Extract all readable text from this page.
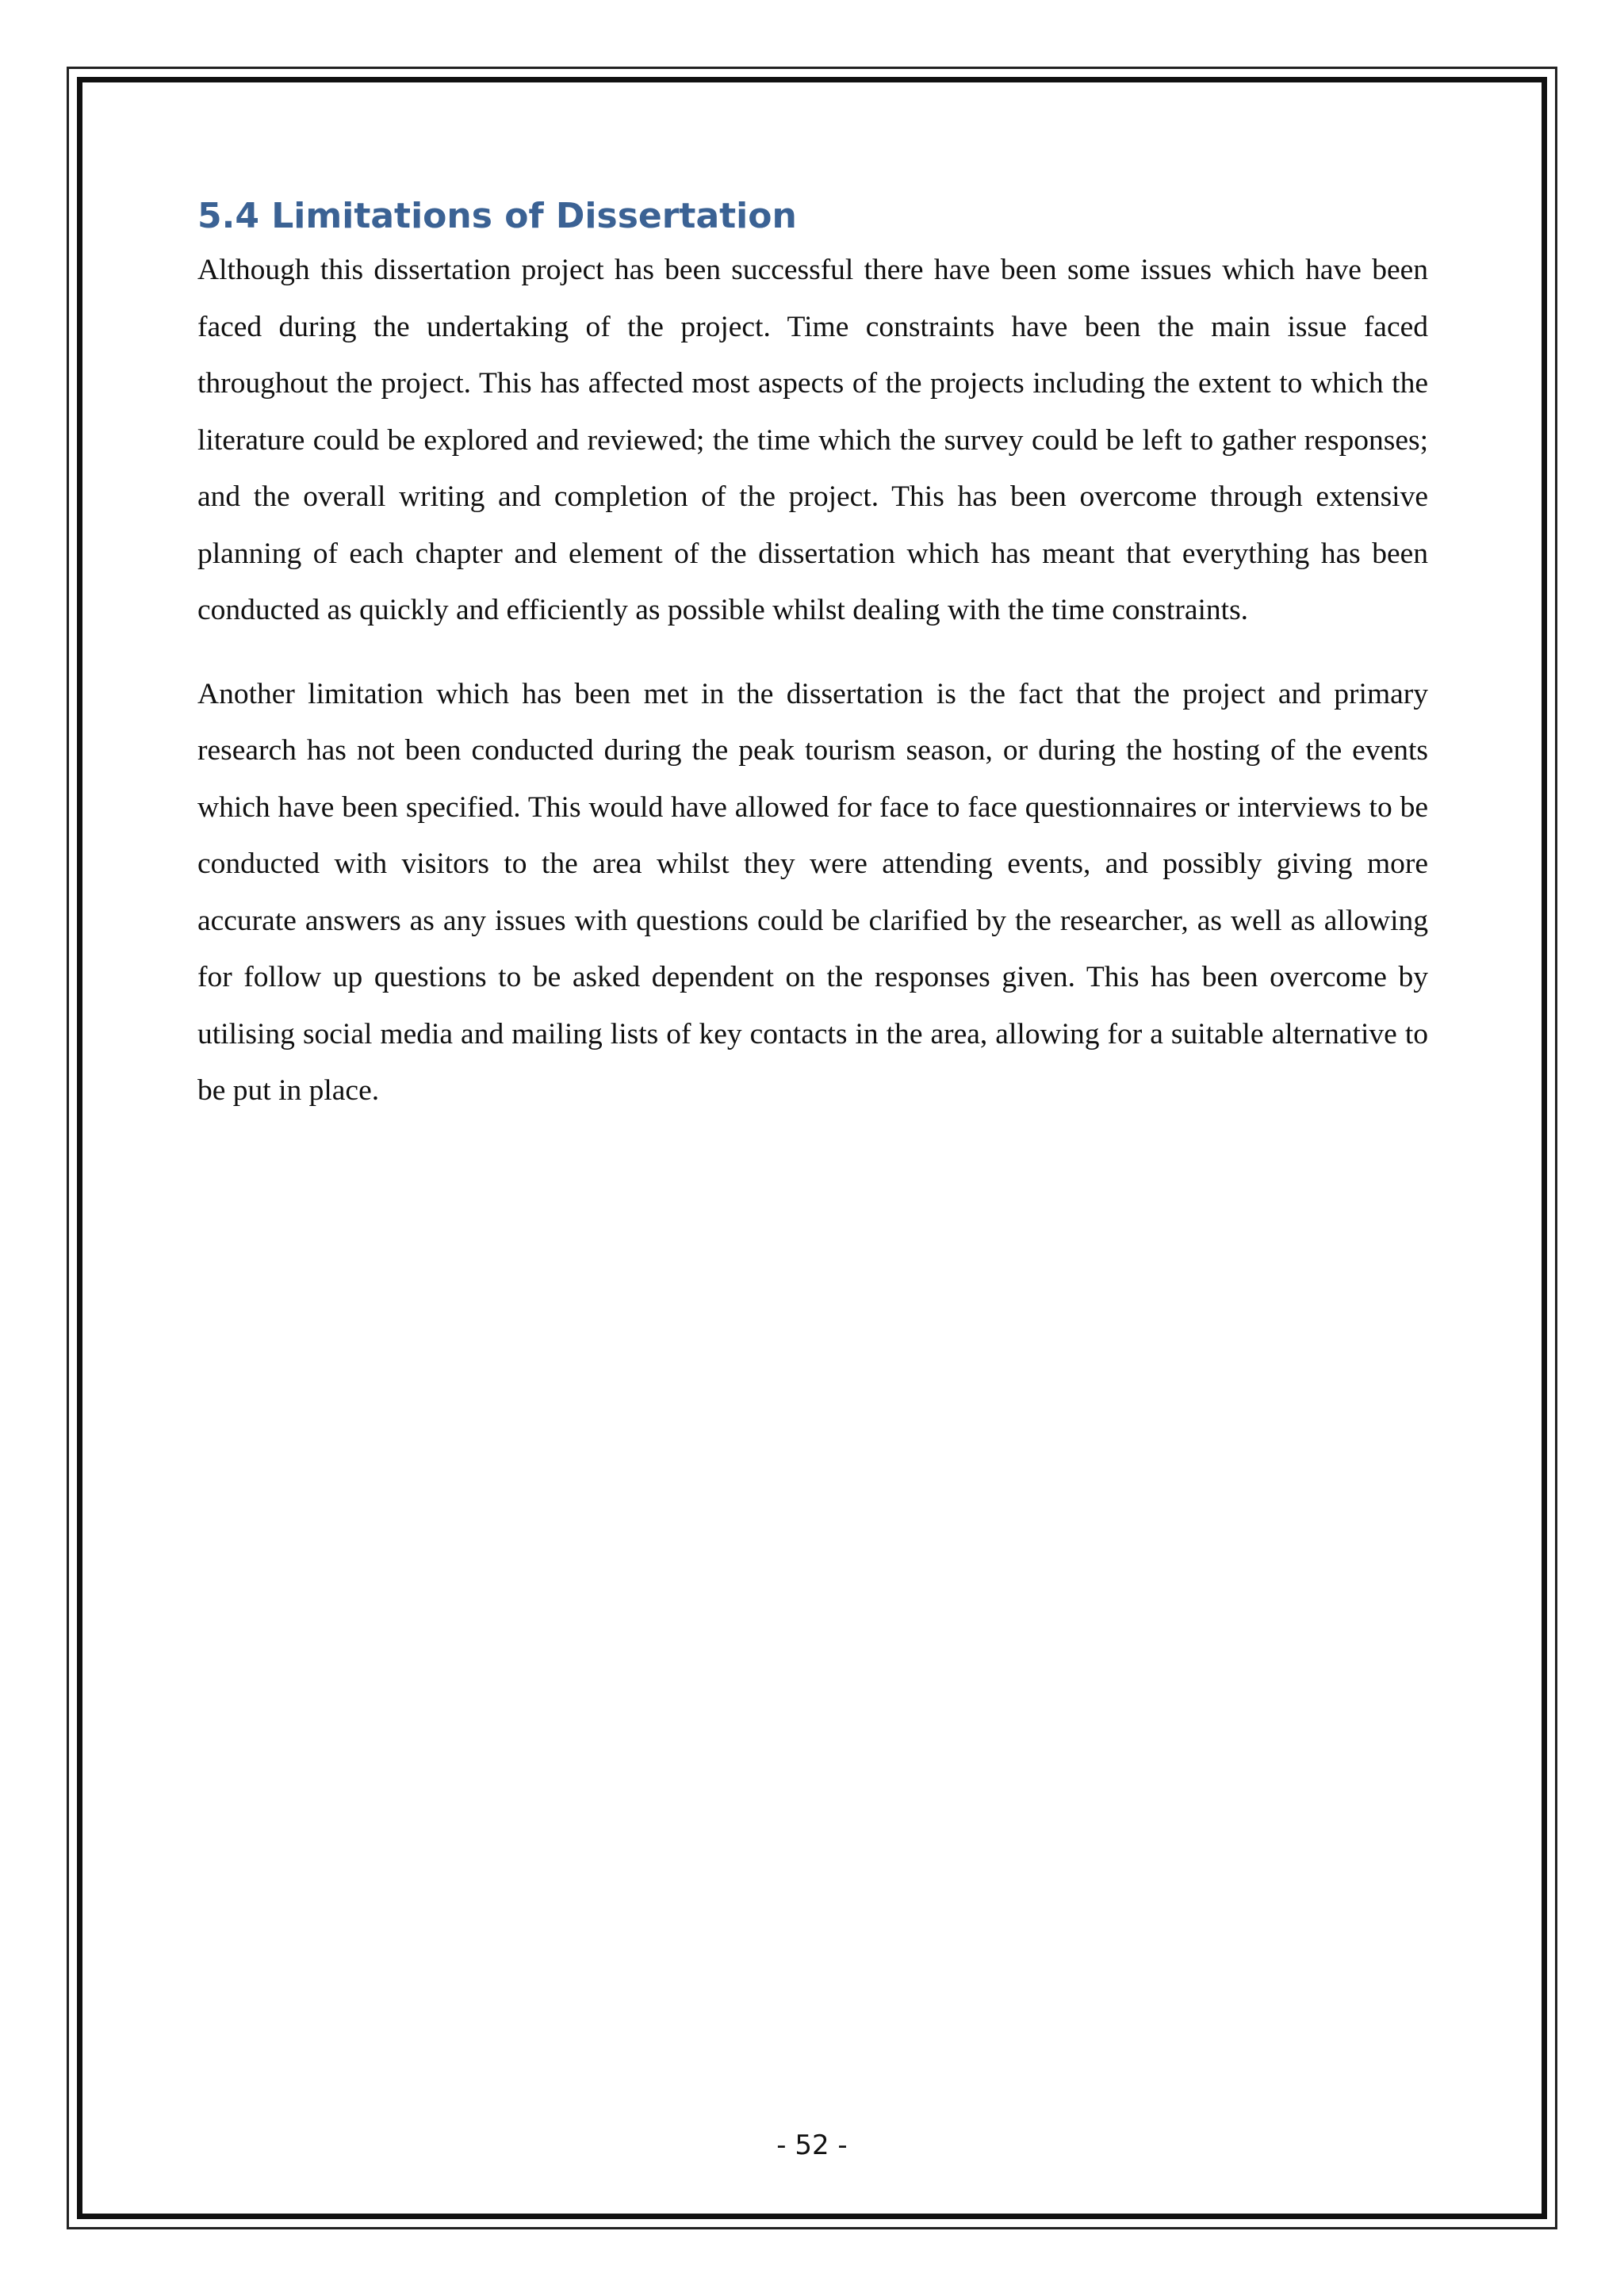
5.4 Limitations of Dissertation

Although this dissertation project has been successful there have been some issues which have been faced during the undertaking of the project. Time constraints have been the main issue faced throughout the project. This has affected most aspects of the projects including the extent to which the literature could be explored and reviewed; the time which the survey could be left to gather responses; and the overall writing and completion of the project. This has been overcome through extensive planning of each chapter and element of the dissertation which has meant that everything has been conducted as quickly and efficiently as possible whilst dealing with the time constraints.

Another limitation which has been met in the dissertation is the fact that the project and primary research has not been conducted during the peak tourism season, or during the hosting of the events which have been specified. This would have allowed for face to face questionnaires or interviews to be conducted with visitors to the area whilst they were attending events, and possibly giving more accurate answers as any issues with questions could be clarified by the researcher, as well as allowing for follow up questions to be asked dependent on the responses given. This has been overcome by utilising social media and mailing lists of key contacts in the area, allowing for a suitable alternative to be put in place.

- 52 -
